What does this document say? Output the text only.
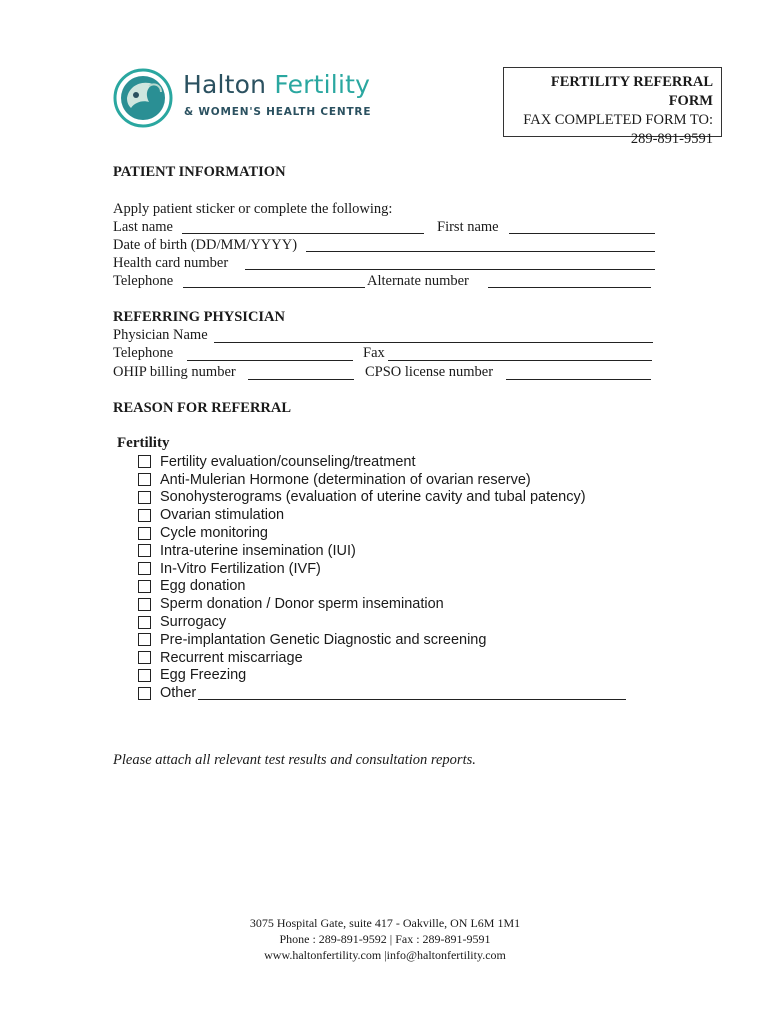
Halton Fertility
& WOMEN'S HEALTH CENTRE
FERTILITY REFERRAL FORM
FAX COMPLETED FORM TO:
289-891-9591
PATIENT INFORMATION
Apply patient sticker or complete the following:
Last name	First name
Date of birth (DD/MM/YYYY)
Health card number
Telephone	Alternate number
REFERRING PHYSICIAN
Physician Name
Telephone	Fax
OHIP billing number	CPSO license number
REASON FOR REFERRAL
Fertility
Fertility evaluation/counseling/treatment
Anti-Mulerian Hormone (determination of ovarian reserve)
Sonohysterograms (evaluation of uterine cavity and tubal patency)
Ovarian stimulation
Cycle monitoring
Intra-uterine insemination (IUI)
In-Vitro Fertilization (IVF)
Egg donation
Sperm donation / Donor sperm insemination
Surrogacy
Pre-implantation Genetic Diagnostic and screening
Recurrent miscarriage
Egg Freezing
Other
Please attach all relevant test results and consultation reports.
3075 Hospital Gate, suite 417 - Oakville, ON L6M 1M1
Phone : 289-891-9592 | Fax : 289-891-9591
www.haltonfertility.com |info@haltonfertility.com
